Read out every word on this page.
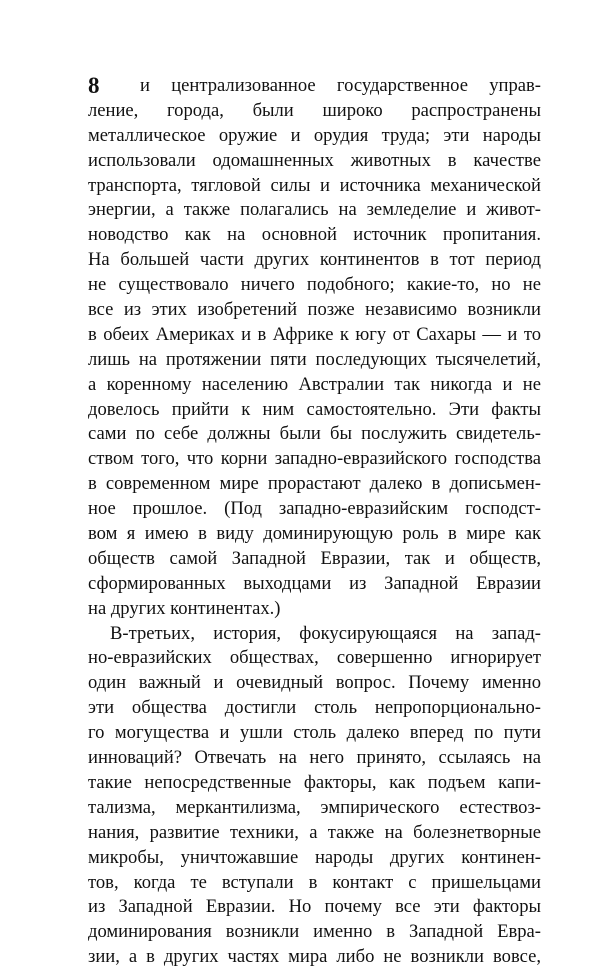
8	и централизованное государственное управ-
ление, города, были широко распространены
металлическое оружие и орудия труда; эти народы
использовали одомашненных животных в качестве
транспорта, тягловой силы и источника механической
энергии, а также полагались на земледелие и живот-
новодство как на основной источник пропитания.
На большей части других континентов в тот период
не существовало ничего подобного; какие-то, но не
все из этих изобретений позже независимо возникли
в обеих Америках и в Африке к югу от Сахары — и то
лишь на протяжении пяти последующих тысячелетий,
а коренному населению Австралии так никогда и не
довелось прийти к ним самостоятельно. Эти факты
сами по себе должны были бы послужить свидетель-
ством того, что корни западно-евразийского господства
в современном мире прорастают далеко в дописьмен-
ное прошлое. (Под западно-евразийским господст-
вом я имею в виду доминирующую роль в мире как
обществ самой Западной Евразии, так и обществ,
сформированных выходцами из Западной Евразии
на других континентах.)
В-третьих, история, фокусирующаяся на запад-
но-евразийских обществах, совершенно игнорирует
один важный и очевидный вопрос. Почему именно
эти общества достигли столь непропорционально-
го могущества и ушли столь далеко вперед по пути
инноваций? Отвечать на него принято, ссылаясь на
такие непосредственные факторы, как подъем капи-
тализма, меркантилизма, эмпирического естествоз-
нания, развитие техники, а также на болезнетворные
микробы, уничтожавшие народы других континен-
тов, когда те вступали в контакт с пришельцами
из Западной Евразии. Но почему все эти факторы
доминирования возникли именно в Западной Евра-
зии, а в других частях мира либо не возникли вовсе,
